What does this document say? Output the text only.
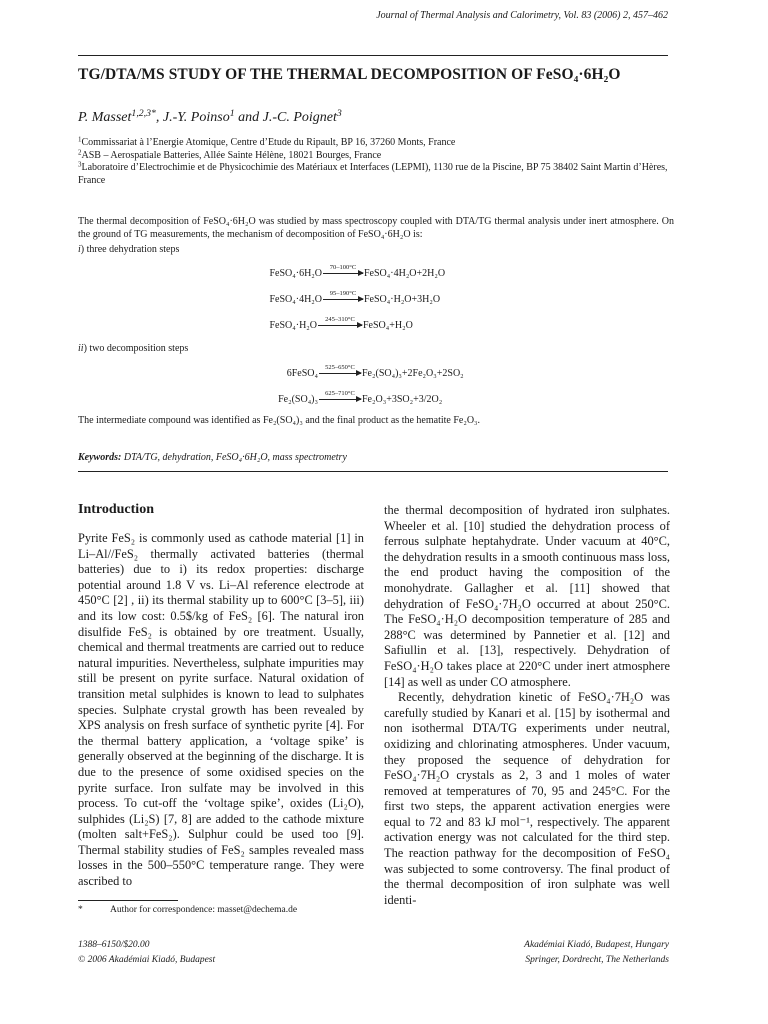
Journal of Thermal Analysis and Calorimetry, Vol. 83 (2006) 2, 457–462
TG/DTA/MS STUDY OF THE THERMAL DECOMPOSITION OF FeSO₄·6H₂O
P. Masset$^{1,2,3*}$, J.-Y. Poinso$^1$ and J.-C. Poignet$^3$
$^1$Commissariat à l’Energie Atomique, Centre d’Etude du Ripault, BP 16, 37260 Monts, France
$^2$ASB – Aerospatiale Batteries, Allée Sainte Hélène, 18021 Bourges, France
$^3$Laboratoire d’Electrochimie et de Physicochimie des Matériaux et Interfaces (LEPMI), 1130 rue de la Piscine, BP 75 38402 Saint Martin d’Hères, France
The thermal decomposition of FeSO₄·6H₂O was studied by mass spectroscopy coupled with DTA/TG thermal analysis under inert atmosphere. On the ground of TG measurements, the mechanism of decomposition of FeSO₄·6H₂O is:
i) three dehydration steps
FeSO₄·6H₂O
70–100°C
FeSO₄·4H₂O+2H₂O
FeSO₄·4H₂O
95–190°C
FeSO₄·H₂O+3H₂O
FeSO₄·H₂O
245–310°C
FeSO₄+H₂O
ii) two decomposition steps
6FeSO₄
525–650°C
Fe₂(SO₄)₃+2Fe₂O₃+2SO₂
Fe₂(SO₄)₃
625–710°C
Fe₂O₃+3SO₂+3/2O₂
The intermediate compound was identified as Fe₂(SO₄)₃ and the final product as the hematite Fe₂O₃.
Keywords: DTA/TG, dehydration, FeSO₄·6H₂O, mass spectrometry
Introduction

Pyrite FeS₂ is commonly used as cathode material [1] in Li–Al//FeS₂ thermally activated batteries (thermal batteries) due to i) its redox properties: discharge potential around 1.8 V vs. Li–Al reference electrode at 450°C [2] , ii) its thermal stability up to 600°C [3–5], iii) and its low cost: 0.5$/kg of FeS₂ [6]. The natural iron disulfide FeS₂ is obtained by ore treatment. Usually, chemical and thermal treatments are carried out to reduce natural impurities. Nevertheless, sulphate impurities may still be present on pyrite surface. Natural oxidation of transition metal sulphides is known to lead to sulphates species. Sulphate crystal growth has been revealed by XPS analysis on fresh surface of synthetic pyrite [4]. For the thermal battery application, a ‘voltage spike’ is generally observed at the beginning of the discharge. It is due to the presence of some oxidised species on the pyrite surface. Iron sulfate may be involved in this process. To cut-off the ‘voltage spike’, oxides (Li₂O), sulphides (Li₂S) [7, 8] are added to the cathode mixture (molten salt+FeS₂). Sulphur could be used too [9]. Thermal stability studies of FeS₂ samples revealed mass losses in the 500–550°C temperature range. They were ascribed to

the thermal decomposition of hydrated iron sulphates. Wheeler et al. [10] studied the dehydration process of ferrous sulphate heptahydrate. Under vacuum at 40°C, the dehydration results in a smooth continuous mass loss, the end product having the composition of the monohydrate. Gallagher et al. [11] showed that dehydration of FeSO₄·7H₂O occurred at about 250°C. The FeSO₄·H₂O decomposition temperature of 285 and 288°C was determined by Pannetier et al. [12] and Safiullin et al. [13], respectively. Dehydration of FeSO₄·H₂O takes place at 220°C under inert atmosphere [14] as well as under CO atmosphere.

Recently, dehydration kinetic of FeSO₄·7H₂O was carefully studied by Kanari et al. [15] by isothermal and non isothermal DTA/TG experiments under neutral, oxidizing and chlorinating atmospheres. Under vacuum, they proposed the sequence of dehydration for FeSO₄·7H₂O crystals as 2, 3 and 1 moles of water removed at temperatures of 70, 95 and 245°C. For the first two steps, the apparent activation energies were equal to 72 and 83 kJ mol⁻¹, respectively. The apparent activation energy was not calculated for the third step. The reaction pathway for the decomposition of FeSO₄ was subjected to some controversy. The final product of the thermal decomposition of iron sulphate was well identi-

*	Author for correspondence: masset@dechema.de
1388–6150/$20.00
© 2006 Akadémiai Kiadó, Budapest
Akadémiai Kiadó, Budapest, Hungary
Springer, Dordrecht, The Netherlands
